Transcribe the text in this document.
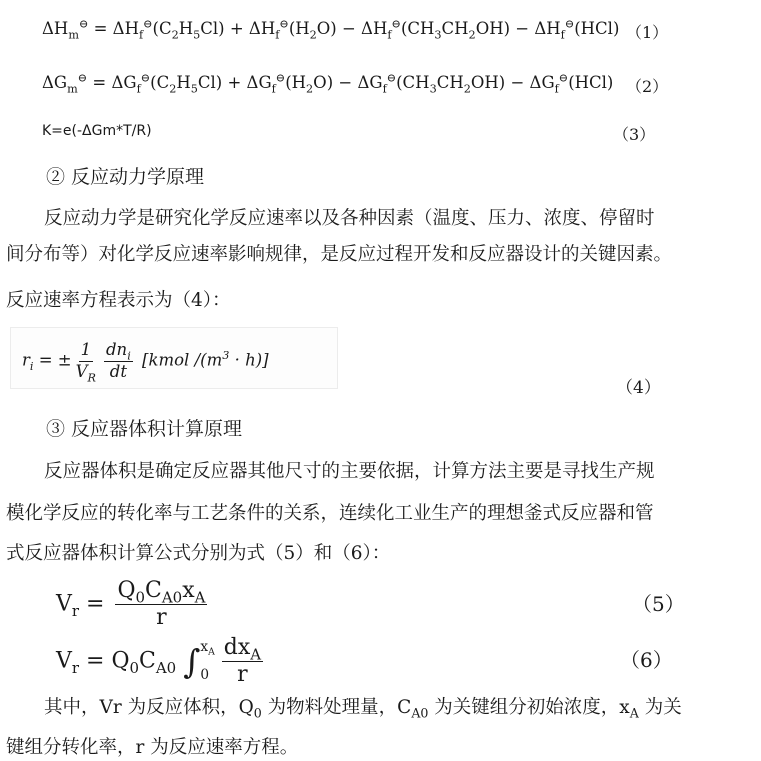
$\Delta H_m^⊖ = \Delta H_f^⊖(C_2H_5Cl) + \Delta H_f^⊖(H_2O) - \Delta H_f^⊖(CH_3CH_2OH) - \Delta H_f^⊖(HCl)$ （1）
$\Delta G_m^⊖ = \Delta G_f^⊖(C_2H_5Cl) + \Delta G_f^⊖(H_2O) - \Delta G_f^⊖(CH_3CH_2OH) - \Delta G_f^⊖(HCl)$ （2）
K=e(-ΔGm*T/R)	（3）
② 反应动力学原理
反应动力学是研究化学反应速率以及各种因素（温度、压力、浓度、停留时
间分布等）对化学反应速率影响规律，是反应过程开发和反应器设计的关键因素。
反应速率方程表示为（4）：
$r_i$ = ± $\frac{1}{V_R} \frac{dn_i}{dt}$ [kmol $/(m^3 \cdot h)$]
（4）
③ 反应器体积计算原理
反应器体积是确定反应器其他尺寸的主要依据，计算方法主要是寻找生产规
模化学反应的转化率与工艺条件的关系，连续化工业生产的理想釜式反应器和管
式反应器体积计算公式分别为式（5）和（6）：
$V_r = \frac{Q_0C_{A0}x_A}{r}$	（5）
$V_r = Q_0C_{A0}$ ∫ $x_A$
$0 \frac{dx_A}{r}$	（6）
其中，Vr 为反应体积，$Q_0$ 为物料处理量，$C_{A0}$ 为关键组分初始浓度，$x_A$ 为关
键组分转化率，r 为反应速率方程。
